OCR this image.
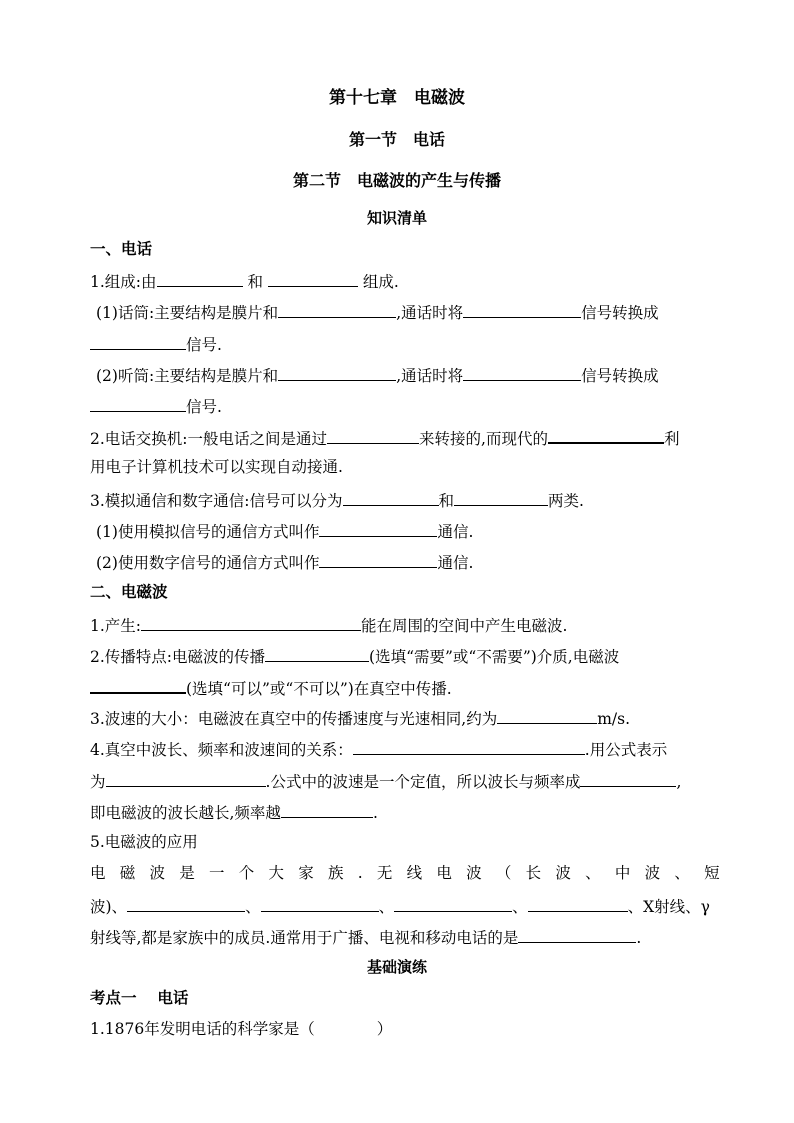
第十七章　电磁波
第一节　电话
第二节　电磁波的产生与传播
知识清单
一、电话
1.组成:由	和	组成.
(1)话筒:主要结构是膜片和	,通话时将	信号转换成
信号.
(2)听筒:主要结构是膜片和	,通话时将	信号转换成
信号.
2.电话交换机:一般电话之间是通过	来转接的,而现代的	利
用电子计算机技术可以实现自动接通.
3.模拟通信和数字通信:信号可以分为	和	两类.
(1)使用模拟信号的通信方式叫作	通信.
(2)使用数字信号的通信方式叫作	通信.
二、电磁波
1.产生:	能在周围的空间中产生电磁波.
2.传播特点:电磁波的传播	(选填“需要”或“不需要”)介质,电磁波
(选填“可以”或“不可以”)在真空中传播.
3.波速的大小：电磁波在真空中的传播速度与光速相同,约为	m/s.
4.真空中波长、频率和波速间的关系：	.用公式表示
为	.公式中的波速是一个定值，所以波长与频率成	,
即电磁波的波长越长,频率越	.
5.电磁波的应用
电 磁 波 是 一 个 大 家 族 . 无 线 电 波 （ 长 波 、 中 波 、 短
波)、	、	、	、	、X射线、γ
射线等,都是家族中的成员.通常用于广播、电视和移动电话的是	.
基础演练
考点一　 电话
1.1876年发明电话的科学家是（	）
